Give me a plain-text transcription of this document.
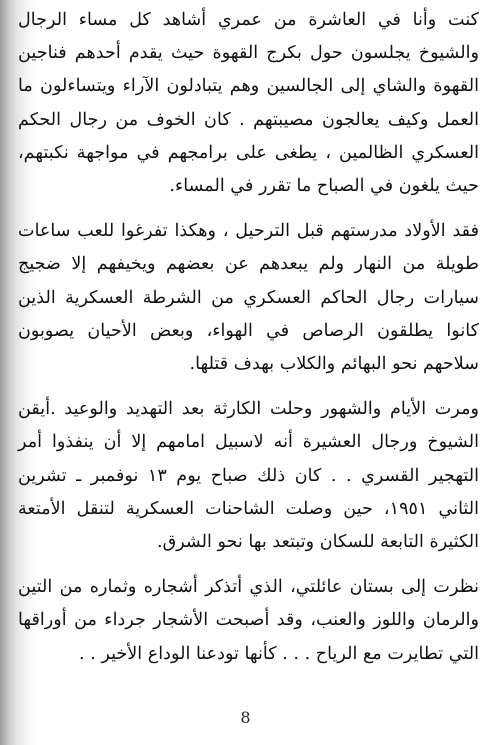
كنت وأنا في العاشرة من عمري أشاهد كل مساء الرجال والشيوخ يجلسون حول بكرج القهوة حيث يقدم أحدهم فناجين القهوة والشاي إلى الجالسين وهم يتبادلون الآراء ويتساءلون ما العمل وكيف يعالجون مصيبتهم . كان الخوف من رجال الحكم العسكري الظالمين ، يطغى على برامجهم في مواجهة نكبتهم، حيث يلغون في الصباح ما تقرر في المساء.

فقد الأولاد مدرستهم قبل الترحيل ، وهكذا تفرغوا للعب ساعات طويلة من النهار ولم يبعدهم عن بعضهم ويخيفهم إلا ضجيج سيارات رجال الحاكم العسكري من الشرطة العسكرية الذين كانوا يطلقون الرصاص في الهواء، وبعض الأحيان يصوبون سلاحهم نحو البهائم والكلاب بهدف قتلها.

ومرت الأيام والشهور وحلت الكارثة بعد التهديد والوعيد .أيقن الشيوخ ورجال العشيرة أنه لاسبيل امامهم إلا أن ينفذوا أمر التهجير القسري . . كان ذلك صباح يوم ١٣ نوفمبر ـ تشرين الثاني ١٩٥١، حين وصلت الشاحنات العسكرية لتنقل الأمتعة الكثيرة التابعة للسكان وتبتعد بها نحو الشرق.

نظرت إلى بستان عائلتي، الذي أتذكر أشجاره وثماره من التين والرمان واللوز والعنب، وقد أصبحت الأشجار جرداء من أوراقها التي تطايرت مع الرياح . . . كأنها تودعنا الوداع الأخير . .

8
